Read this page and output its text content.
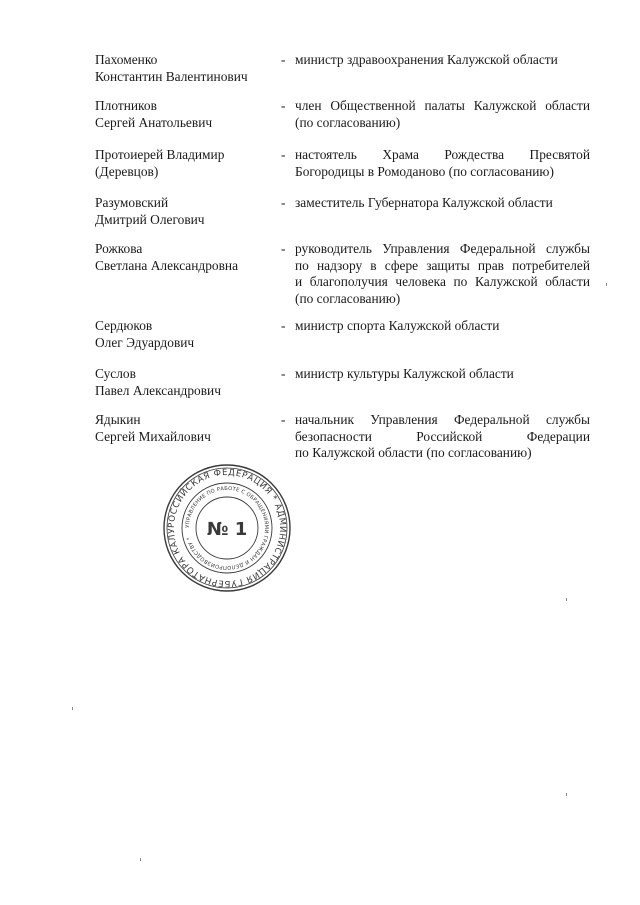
Пахоменко
Константин Валентинович
- министр здравоохранения Калужской области
Плотников
Сергей Анатольевич
- член Общественной палаты Калужской области
(по согласованию)
Протоиерей Владимир
(Деревцов)
- настоятель Храма Рождества Пресвятой
Богородицы в Ромоданово (по согласованию)
Разумовский
Дмитрий Олегович
- заместитель Губернатора Калужской области
Рожкова
Светлана Александровна
- руководитель Управления Федеральной службы
по надзору в сфере защиты прав потребителей
и благополучия человека по Калужской области
(по согласованию)
Сердюков
Олег Эдуардович
- министр спорта Калужской области
Суслов
Павел Александрович
- министр культуры Калужской области
Ядыкин
Сергей Михайлович
- начальник Управления Федеральной службы
безопасности Российской Федерации
по Калужской области (по согласованию)
РОССИЙСКАЯ ФЕДЕРАЦИЯ * АДМИНИСТРАЦИЯ ГУБЕРНАТОРА КАЛУ
УПРАВЛЕНИЕ ПО РАБОТЕ С ОБРАЩЕНИЯМИ ГРАЖДАН И ДЕЛОПРОИЗВОДСТВУ * № 1
